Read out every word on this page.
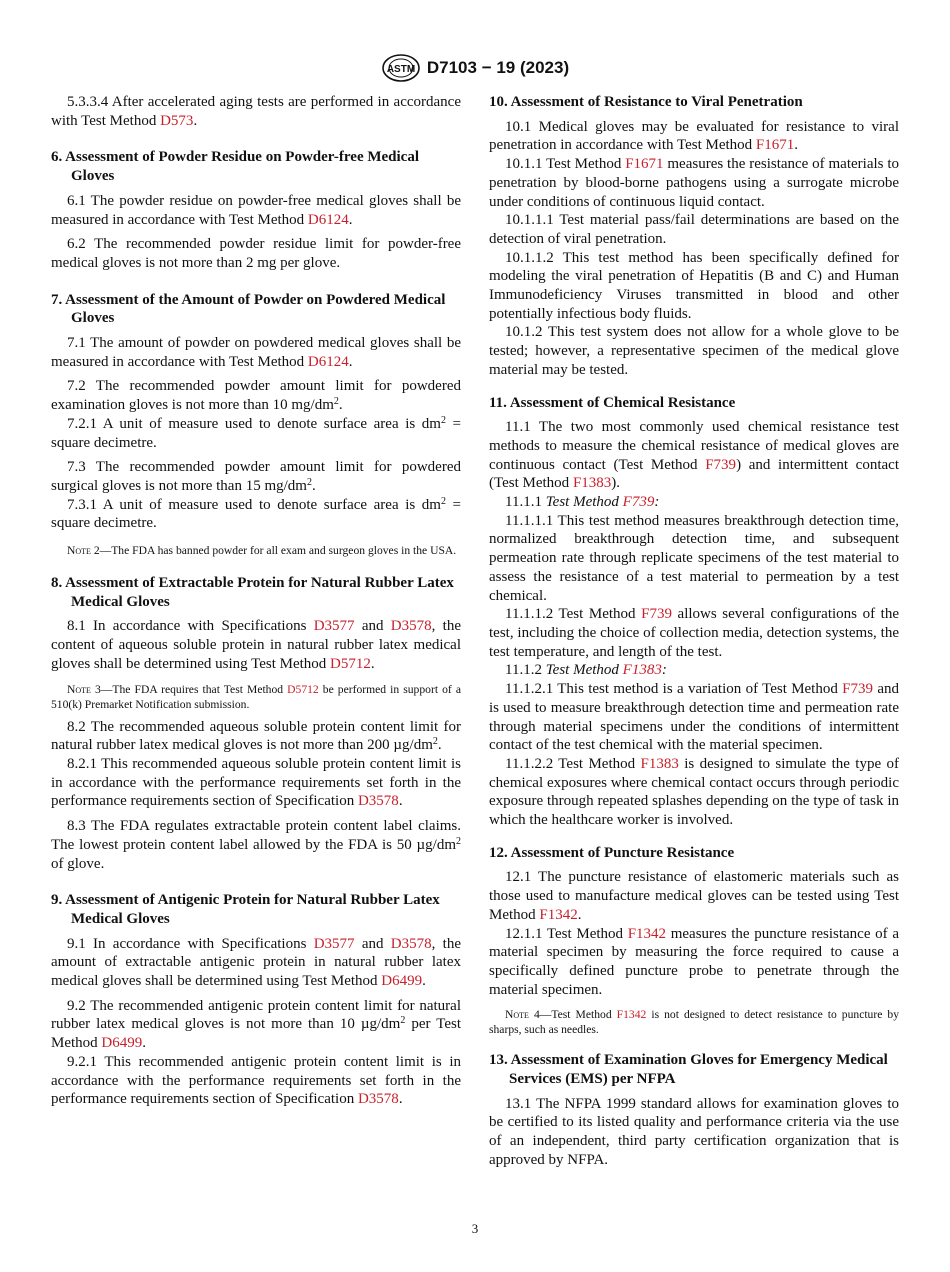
ASTM D7103 − 19 (2023)

5.3.3.4 After accelerated aging tests are performed in accordance with Test Method D573.

6. Assessment of Powder Residue on Powder-free Medical Gloves

6.1 The powder residue on powder-free medical gloves shall be measured in accordance with Test Method D6124.

6.2 The recommended powder residue limit for powder-free medical gloves is not more than 2 mg per glove.

7. Assessment of the Amount of Powder on Powdered Medical Gloves

7.1 The amount of powder on powdered medical gloves shall be measured in accordance with Test Method D6124.

7.2 The recommended powder amount limit for powdered examination gloves is not more than 10 $mg/dm^2$.

7.2.1 A unit of measure used to denote surface area is $dm^2$ = square decimetre.

7.3 The recommended powder amount limit for powdered surgical gloves is not more than 15 $mg/dm^2$.

7.3.1 A unit of measure used to denote surface area is $dm^2$ = square decimetre.

Note 2—The FDA has banned powder for all exam and surgeon gloves in the USA.

8. Assessment of Extractable Protein for Natural Rubber Latex Medical Gloves

8.1 In accordance with Specifications D3577 and D3578, the content of aqueous soluble protein in natural rubber latex medical gloves shall be determined using Test Method D5712.

Note 3—The FDA requires that Test Method D5712 be performed in support of a 510(k) Premarket Notification submission.

8.2 The recommended aqueous soluble protein content limit for natural rubber latex medical gloves is not more than 200 $\mu g/dm^2$.

8.2.1 This recommended aqueous soluble protein content limit is in accordance with the performance requirements set forth in the performance requirements section of Specification D3578.

8.3 The FDA regulates extractable protein content label claims. The lowest protein content label allowed by the FDA is 50 $\mu g/dm^2$ of glove.

9. Assessment of Antigenic Protein for Natural Rubber Latex Medical Gloves

9.1 In accordance with Specifications D3577 and D3578, the amount of extractable antigenic protein in natural rubber latex medical gloves shall be determined using Test Method D6499.

9.2 The recommended antigenic protein content limit for natural rubber latex medical gloves is not more than 10 $\mu g/dm^2$ per Test Method D6499.

9.2.1 This recommended antigenic protein content limit is in accordance with the performance requirements set forth in the performance requirements section of Specification D3578.

10. Assessment of Resistance to Viral Penetration

10.1 Medical gloves may be evaluated for resistance to viral penetration in accordance with Test Method F1671.

10.1.1 Test Method F1671 measures the resistance of materials to penetration by blood-borne pathogens using a surrogate microbe under conditions of continuous liquid contact.

10.1.1.1 Test material pass/fail determinations are based on the detection of viral penetration.

10.1.1.2 This test method has been specifically defined for modeling the viral penetration of Hepatitis (B and C) and Human Immunodeficiency Viruses transmitted in blood and other potentially infectious body fluids.

10.1.2 This test system does not allow for a whole glove to be tested; however, a representative specimen of the medical glove material may be tested.

11. Assessment of Chemical Resistance

11.1 The two most commonly used chemical resistance test methods to measure the chemical resistance of medical gloves are continuous contact (Test Method F739) and intermittent contact (Test Method F1383).

11.1.1 Test Method F739:

11.1.1.1 This test method measures breakthrough detection time, normalized breakthrough detection time, and subsequent permeation rate through replicate specimens of the test material to assess the resistance of a test material to permeation by a test chemical.

11.1.1.2 Test Method F739 allows several configurations of the test, including the choice of collection media, detection systems, the test temperature, and length of the test.

11.1.2 Test Method F1383:

11.1.2.1 This test method is a variation of Test Method F739 and is used to measure breakthrough detection time and permeation rate through material specimens under the conditions of intermittent contact of the test chemical with the material specimen.

11.1.2.2 Test Method F1383 is designed to simulate the type of chemical exposures where chemical contact occurs through periodic exposure through repeated splashes depending on the type of task in which the healthcare worker is involved.

12. Assessment of Puncture Resistance

12.1 The puncture resistance of elastomeric materials such as those used to manufacture medical gloves can be tested using Test Method F1342.

12.1.1 Test Method F1342 measures the puncture resistance of a material specimen by measuring the force required to cause a specifically defined puncture probe to penetrate through the material specimen.

Note 4—Test Method F1342 is not designed to detect resistance to puncture by sharps, such as needles.

13. Assessment of Examination Gloves for Emergency Medical Services (EMS) per NFPA

13.1 The NFPA 1999 standard allows for examination gloves to be certified to its listed quality and performance criteria via the use of an independent, third party certification organization that is approved by NFPA.

3
